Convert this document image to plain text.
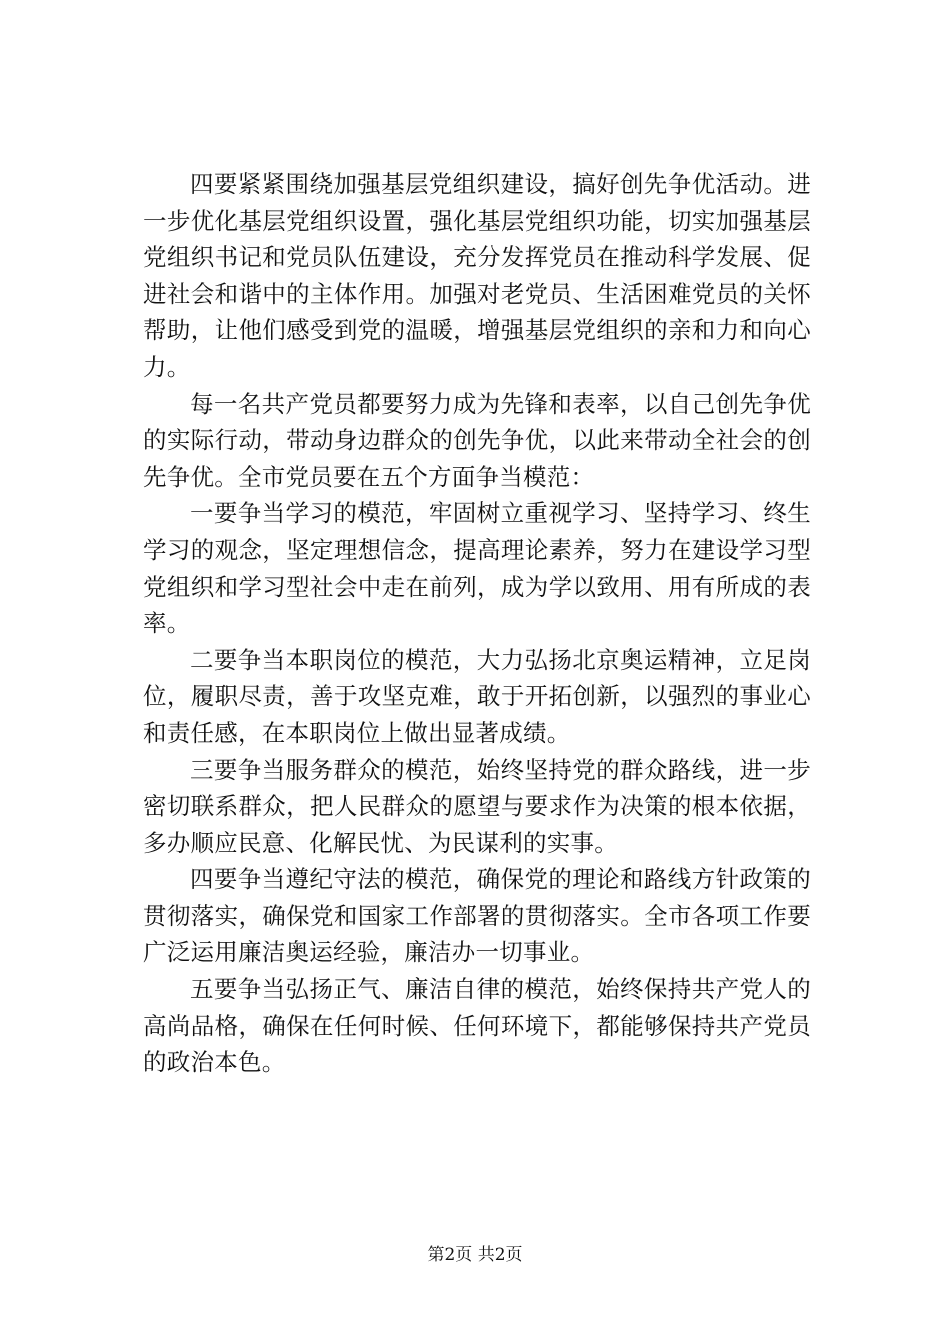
四要紧紧围绕加强基层党组织建设，搞好创先争优活动。进一步优化基层党组织设置，强化基层党组织功能，切实加强基层党组织书记和党员队伍建设，充分发挥党员在推动科学发展、促进社会和谐中的主体作用。加强对老党员、生活困难党员的关怀帮助，让他们感受到党的温暖，增强基层党组织的亲和力和向心力。

每一名共产党员都要努力成为先锋和表率，以自己创先争优的实际行动，带动身边群众的创先争优，以此来带动全社会的创先争优。全市党员要在五个方面争当模范：

一要争当学习的模范，牢固树立重视学习、坚持学习、终生学习的观念，坚定理想信念，提高理论素养，努力在建设学习型党组织和学习型社会中走在前列，成为学以致用、用有所成的表率。

二要争当本职岗位的模范，大力弘扬北京奥运精神，立足岗位，履职尽责，善于攻坚克难，敢于开拓创新，以强烈的事业心和责任感，在本职岗位上做出显著成绩。

三要争当服务群众的模范，始终坚持党的群众路线，进一步密切联系群众，把人民群众的愿望与要求作为决策的根本依据，多办顺应民意、化解民忧、为民谋利的实事。

四要争当遵纪守法的模范，确保党的理论和路线方针政策的贯彻落实，确保党和国家工作部署的贯彻落实。全市各项工作要广泛运用廉洁奥运经验，廉洁办一切事业。

五要争当弘扬正气、廉洁自律的模范，始终保持共产党人的高尚品格，确保在任何时候、任何环境下，都能够保持共产党员的政治本色。

第2页 共2页
